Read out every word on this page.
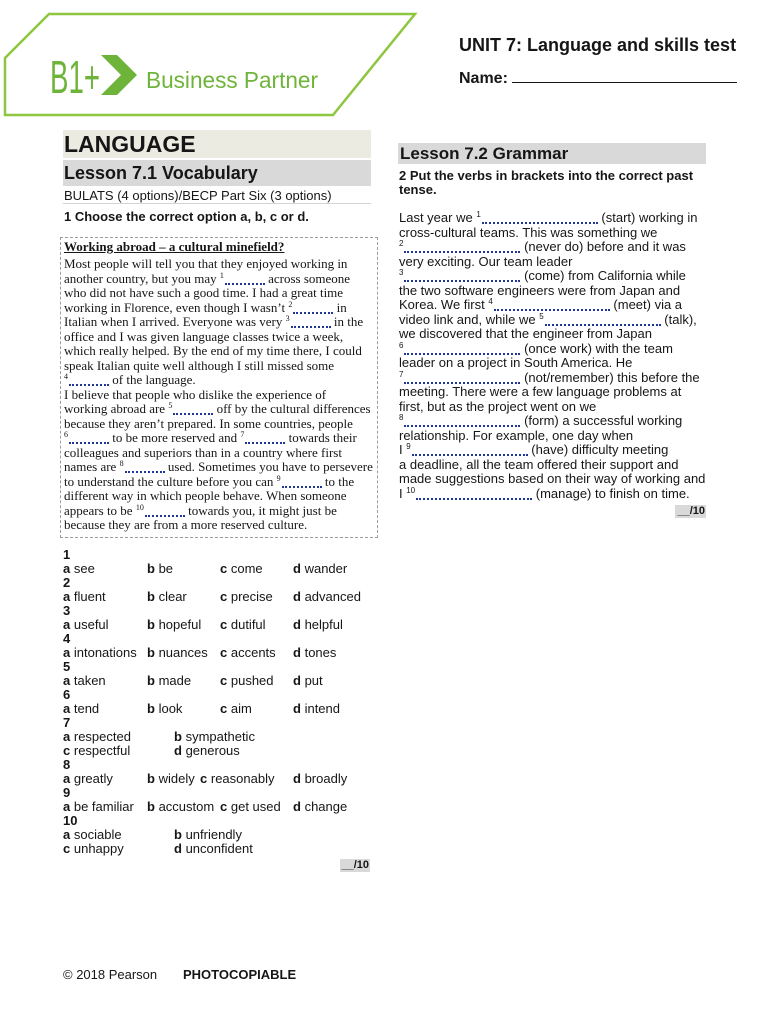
B1+ Business Partner
UNIT 7: Language and skills test
Name:
LANGUAGE
Lesson 7.1 Vocabulary
BULATS (4 options)/BECP Part Six (3 options)
1 Choose the correct option a, b, c or d.
Working abroad – a cultural minefield?
Most people will tell you that they enjoyed working in
another country, but you may $^1$	across someone
who did not have such a good time. I had a great time
working in Florence, even though I wasn’t $^2$	in
Italian when I arrived. Everyone was very $^3$	in the
office and I was given language classes twice a week,
which really helped. By the end of my time there, I could
speak Italian quite well although I still missed some
$^4$	of the language.
I believe that people who dislike the experience of
working abroad are $^5$	off by the cultural differences
because they aren’t prepared. In some countries, people
$^6$	to be more reserved and $^7$	towards their
colleagues and superiors than in a country where first
names are $^8$	used. Sometimes you have to persevere
to understand the culture before you can $^9$	to the
different way in which people behave. When someone
appears to be $^{10}$	towards you, it might just be
because they are from a more reserved culture.
1
a see	b be	c come d wander
2
a fluent	b clear	c precise d advanced
3
a useful	b hopeful c dutiful d helpful
4
a intonations b nuances c accents d tones
5
a taken	b made c pushed d put
6
a tend	b look	c aim	d intend
7
a respected	b sympathetic
c respectful	d generous
8
a greatly	b widely c reasonably d broadly
9
a be familiar b accustom c get used d change
10
a sociable	b unfriendly
c unhappy	d unconfident
__/10
Lesson 7.2 Grammar
2 Put the verbs in brackets into the correct past tense.
Last year we $^1$	(start) working in
cross-cultural teams. This was something we
$^2$	(never do) before and it was
very exciting. Our team leader
$^3$	(come) from California while
the two software engineers were from Japan and
Korea. We first $^4$	(meet) via a
video link and, while we $^5$	(talk),
we discovered that the engineer from Japan
$^6$	(once work) with the team
leader on a project in South America. He
$^7$	(not/remember) this before the
meeting. There were a few language problems at
first, but as the project went on we
$^8$	(form) a successful working
relationship. For example, one day when
I $^9$	(have) difficulty meeting
a deadline, all the team offered their support and
made suggestions based on their way of working and
I $^{10}$	(manage) to finish on time.
__/10
© 2018 Pearson PHOTOCOPIABLE
